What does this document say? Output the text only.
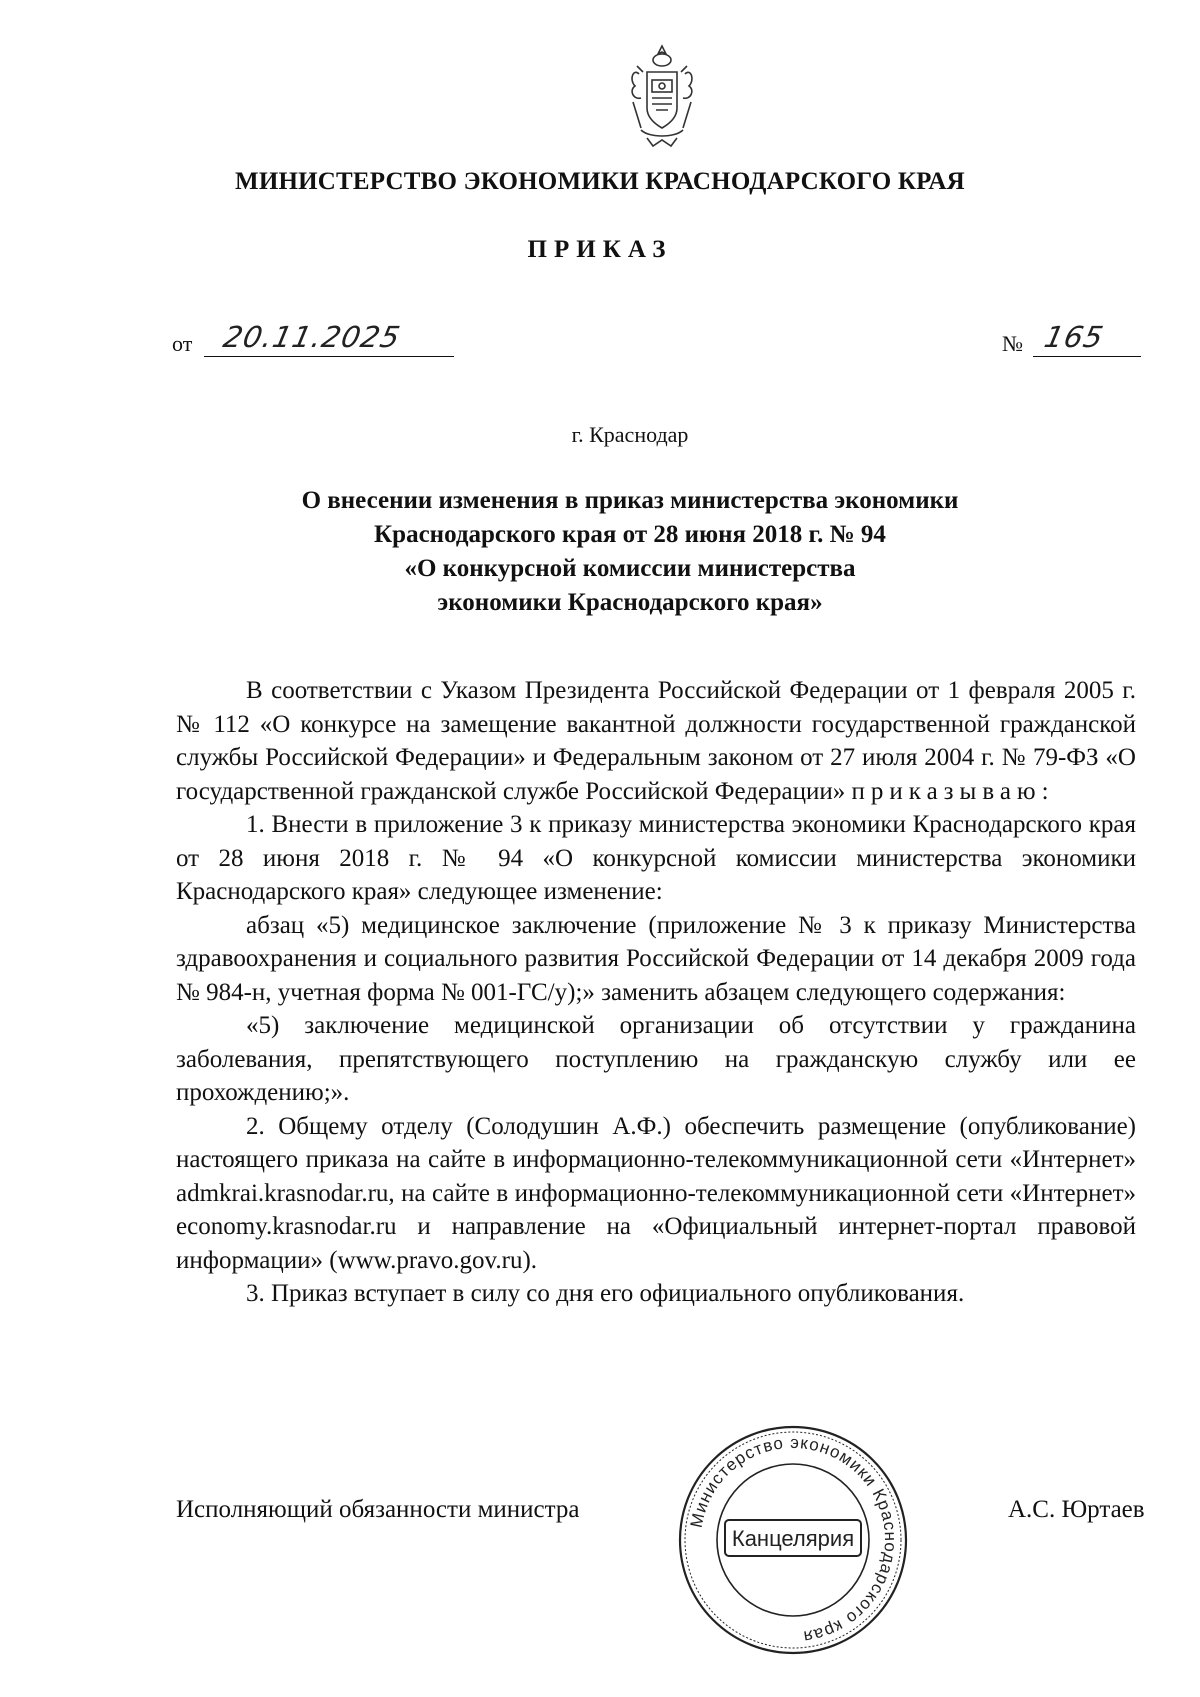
МИНИСТЕРСТВО ЭКОНОМИКИ КРАСНОДАРСКОГО КРАЯ
ПРИКАЗ
от 20.11.2025	№ 165
г. Краснодар
О внесении изменения в приказ министерства экономики
Краснодарского края от 28 июня 2018 г. № 94
«О конкурсной комиссии министерства
экономики Краснодарского края»

В соответствии с Указом Президента Российской Федерации от 1 февраля 2005 г. № 112 «О конкурсе на замещение вакантной должности государственной гражданской службы Российской Федерации» и Федеральным законом от 27 июля 2004 г. № 79-ФЗ «О государственной гражданской службе Российской Федерации» приказываю:

1. Внести в приложение 3 к приказу министерства экономики Краснодарского края от 28 июня 2018 г. № 94 «О конкурсной комиссии министерства экономики Краснодарского края» следующее изменение:

абзац «5) медицинское заключение (приложение № 3 к приказу Министерства здравоохранения и социального развития Российской Федерации от 14 декабря 2009 года № 984-н, учетная форма № 001-ГС/у);» заменить абзацем следующего содержания:

«5) заключение медицинской организации об отсутствии у гражданина заболевания, препятствующего поступлению на гражданскую службу или ее прохождению;».

2. Общему отделу (Солодушин А.Ф.) обеспечить размещение (опубликование) настоящего приказа на сайте в информационно-телекоммуникационной сети «Интернет» admkrai.krasnodar.ru, на сайте в информационно-телекоммуникационной сети «Интернет» economy.krasnodar.ru и направление на «Официальный интернет-портал правовой информации» (www.pravo.gov.ru).

3. Приказ вступает в силу со дня его официального опубликования.

Исполняющий обязанности министра	Министерство экономики Краснодарского края
Канцелярия
А.С. Юртаев
